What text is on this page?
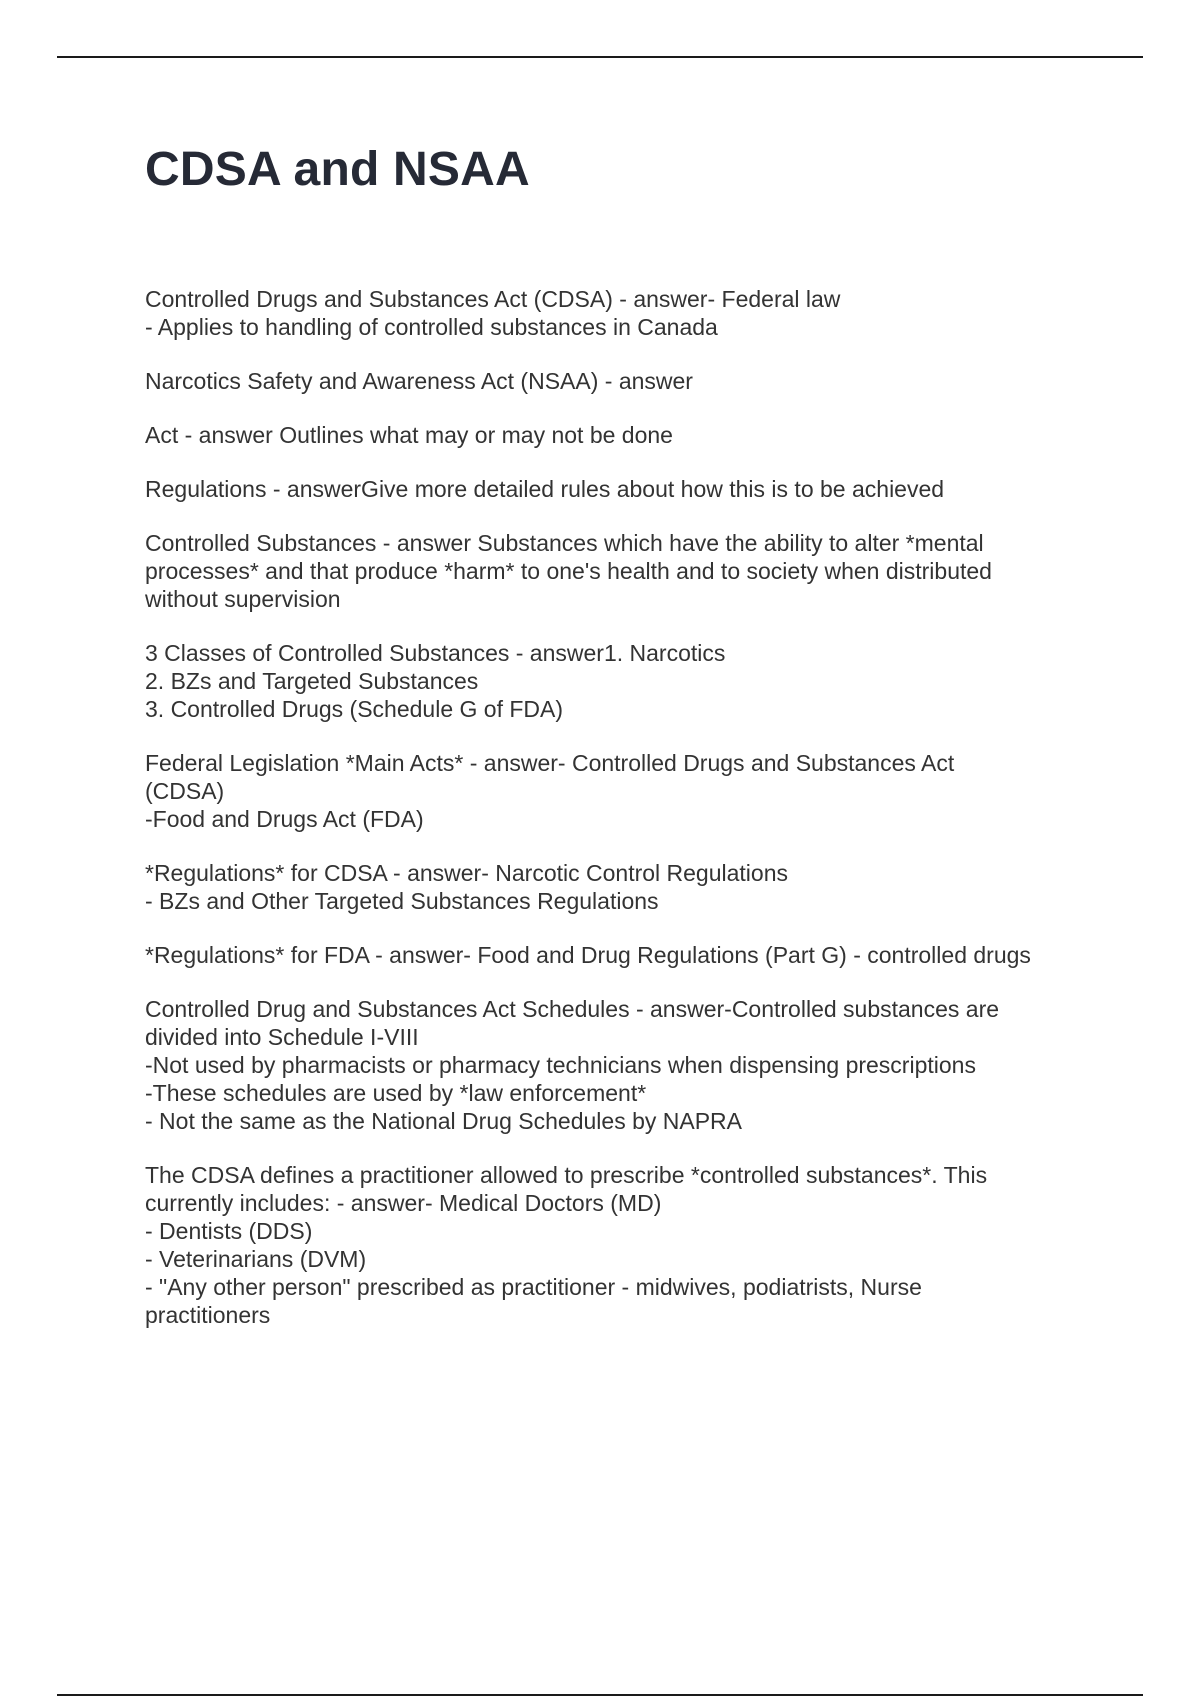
CDSA and NSAA
Controlled Drugs and Substances Act (CDSA) - answer- Federal law
- Applies to handling of controlled substances in Canada
Narcotics Safety and Awareness Act (NSAA) - answer
Act - answer Outlines what may or may not be done
Regulations - answerGive more detailed rules about how this is to be achieved
Controlled Substances - answer Substances which have the ability to alter *mental
processes* and that produce *harm* to one's health and to society when distributed
without supervision
3 Classes of Controlled Substances - answer1. Narcotics
2. BZs and Targeted Substances
3. Controlled Drugs (Schedule G of FDA)
Federal Legislation *Main Acts* - answer- Controlled Drugs and Substances Act
(CDSA)
-Food and Drugs Act (FDA)
*Regulations* for CDSA - answer- Narcotic Control Regulations
- BZs and Other Targeted Substances Regulations
*Regulations* for FDA - answer- Food and Drug Regulations (Part G) - controlled drugs
Controlled Drug and Substances Act Schedules - answer-Controlled substances are
divided into Schedule I-VIII
-Not used by pharmacists or pharmacy technicians when dispensing prescriptions
-These schedules are used by *law enforcement*
- Not the same as the National Drug Schedules by NAPRA
The CDSA defines a practitioner allowed to prescribe *controlled substances*. This
currently includes: - answer- Medical Doctors (MD)
- Dentists (DDS)
- Veterinarians (DVM)
- "Any other person" prescribed as practitioner - midwives, podiatrists, Nurse
practitioners
